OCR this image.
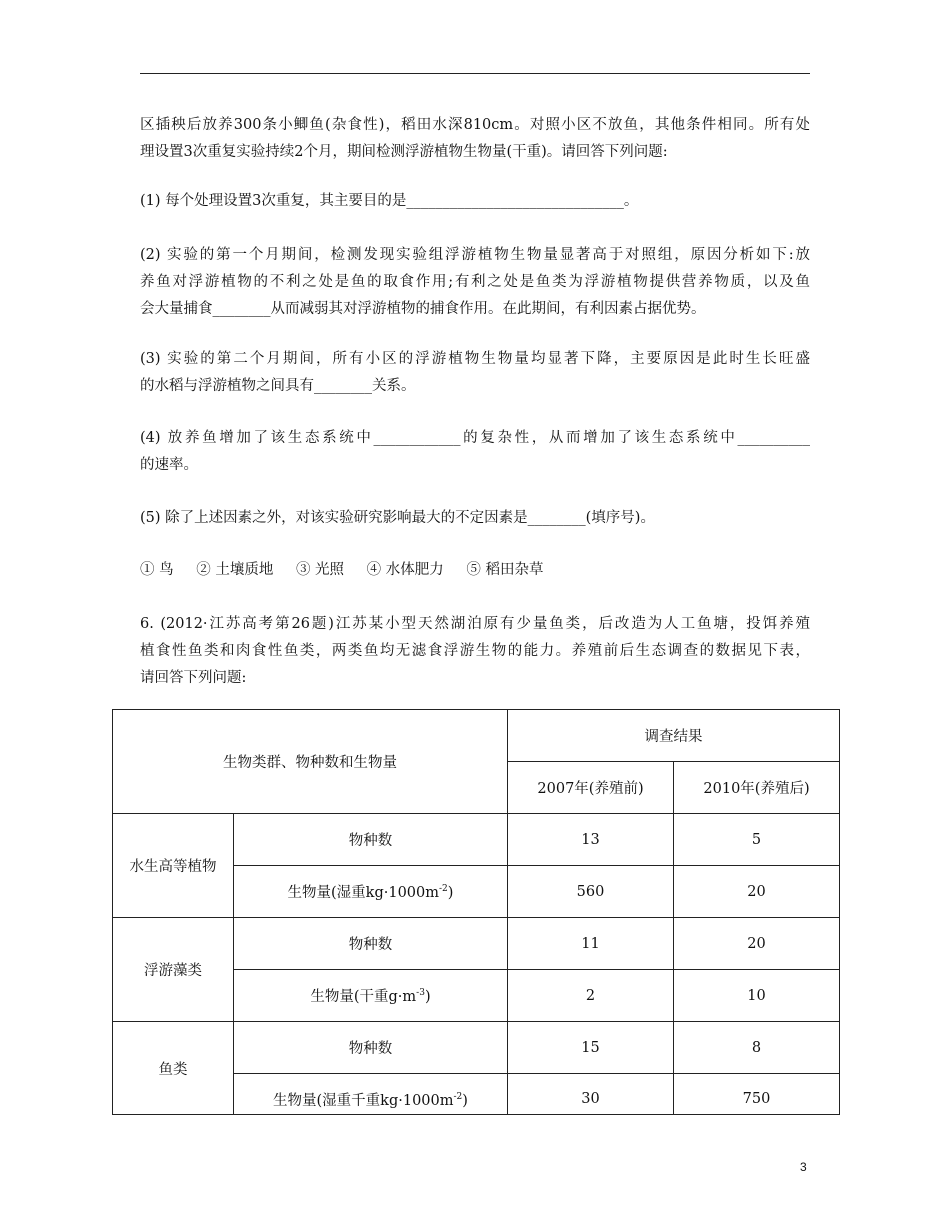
区插秧后放养300条小鲫鱼(杂食性)，稻田水深810cm。对照小区不放鱼，其他条件相同。所有处
理设置3次重复实验持续2个月，期间检测浮游植物生物量(干重)。请回答下列问题:

(1) 每个处理设置3次重复，其主要目的是______________________________。

(2) 实验的第一个月期间，检测发现实验组浮游植物生物量显著高于对照组，原因分析如下:放
养鱼对浮游植物的不利之处是鱼的取食作用;有利之处是鱼类为浮游植物提供营养物质，以及鱼
会大量捕食________从而减弱其对浮游植物的捕食作用。在此期间，有利因素占据优势。

(3) 实验的第二个月期间，所有小区的浮游植物生物量均显著下降，主要原因是此时生长旺盛
的水稻与浮游植物之间具有________关系。

(4) 放养鱼增加了该生态系统中____________的复杂性，从而增加了该生态系统中__________
的速率。

(5) 除了上述因素之外，对该实验研究影响最大的不定因素是________(填序号)。

① 鸟 ② 土壤质地 ③ 光照 ④ 水体肥力 ⑤ 稻田杂草

6. (2012·江苏高考第26题)江苏某小型天然湖泊原有少量鱼类，后改造为人工鱼塘，投饵养殖
植食性鱼类和肉食性鱼类，两类鱼均无滤食浮游生物的能力。养殖前后生态调查的数据见下表，
请回答下列问题:

生物类群、物种数和生物量		调查结果	
		2007年(养殖前)	2010年(养殖后)
水生高等植物	物种数	13	5
	生物量(湿重$kg\cdot 1000m^{-2}$)	560	20
浮游藻类	物种数	11	20
	生物量(干重$g\cdot m^{-3}$)	2	10
鱼类	物种数	15	8
	生物量(湿重千重$kg\cdot 1000m^{-2}$)	30	750
3
